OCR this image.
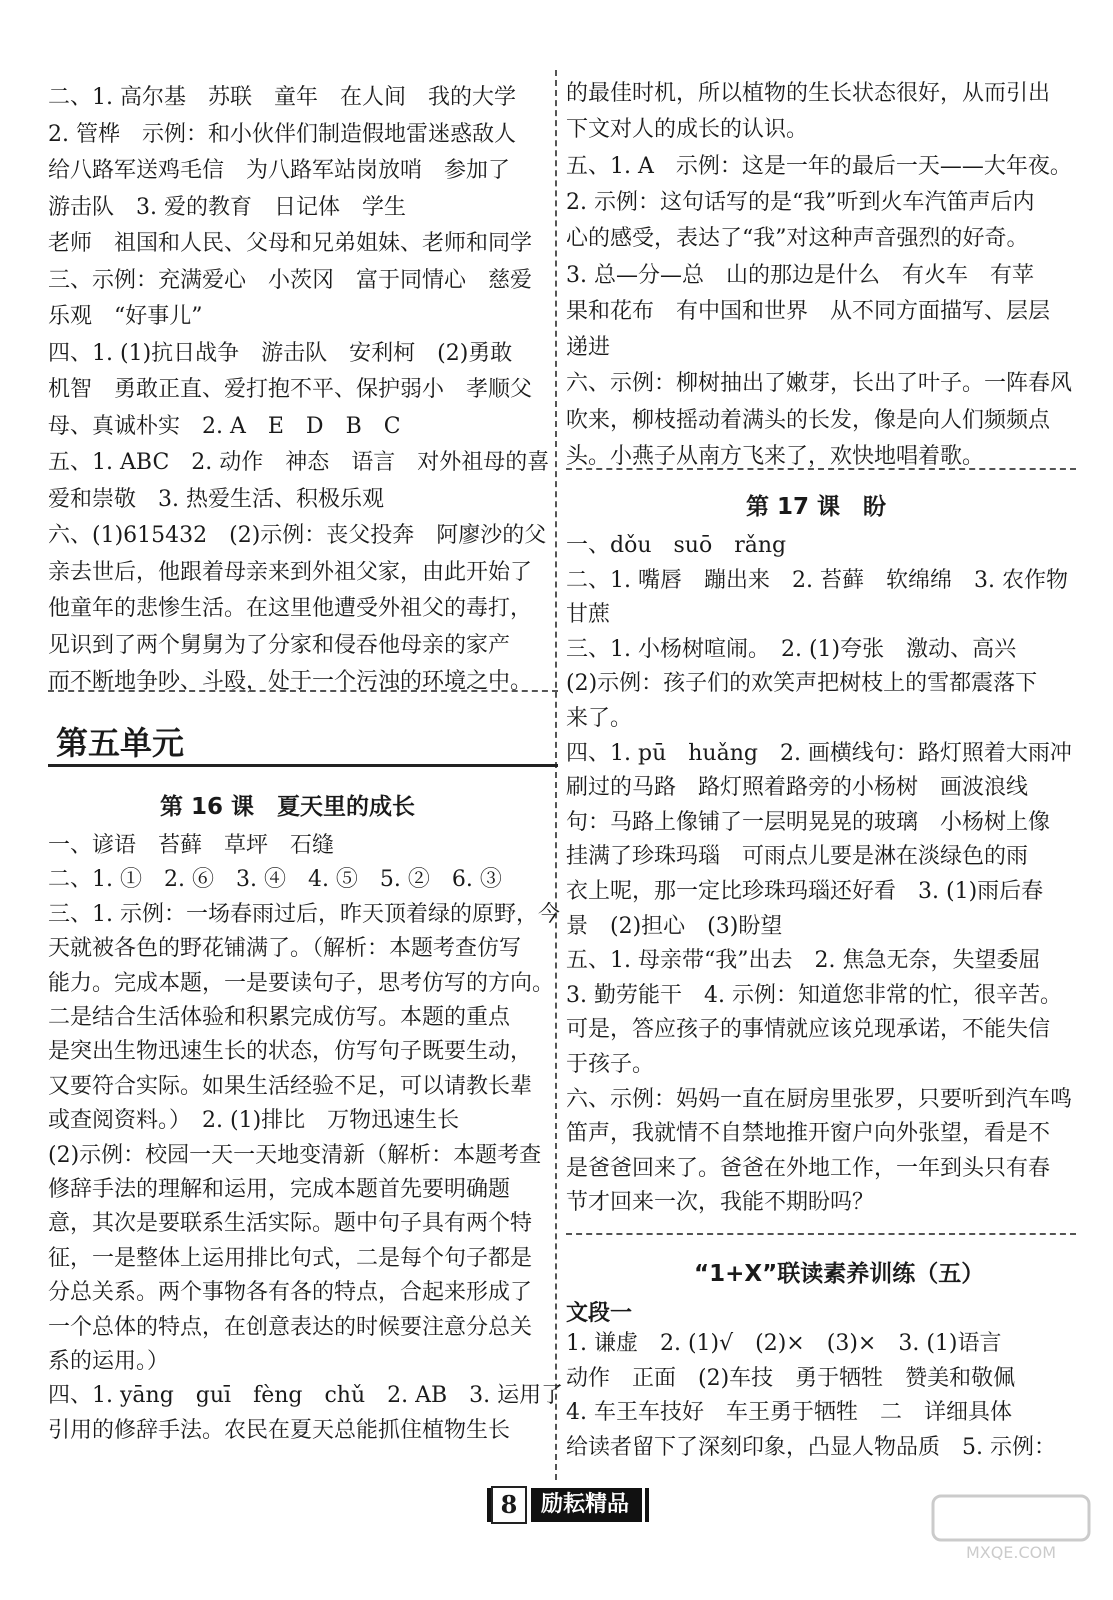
二、1. 高尔基　苏联　童年　在人间　我的大学
2. 管桦　示例：和小伙伴们制造假地雷迷惑敌人
给八路军送鸡毛信　为八路军站岗放哨　参加了
游击队　3. 爱的教育　日记体　学生
老师　祖国和人民、父母和兄弟姐妹、老师和同学
三、示例：充满爱心　小茨冈　富于同情心　慈爱
乐观　“好事儿”
四、1. (1)抗日战争　游击队　安利柯　(2)勇敢
机智　勇敢正直、爱打抱不平、保护弱小　孝顺父
母、真诚朴实　2. A　E　D　B　C
五、1. ABC　2. 动作　神态　语言　对外祖母的喜
爱和崇敬　3. 热爱生活、积极乐观
六、(1)615432　(2)示例：丧父投奔　阿廖沙的父
亲去世后，他跟着母亲来到外祖父家，由此开始了
他童年的悲惨生活。在这里他遭受外祖父的毒打，
见识到了两个舅舅为了分家和侵吞他母亲的家产
而不断地争吵、斗殴，处于一个污浊的环境之中。
第五单元
第 16 课　夏天里的成长
一、谚语　苔藓　草坪　石缝
二、1. ①　2. ⑥　3. ④　4. ⑤　5. ②　6. ③
三、1. 示例：一场春雨过后，昨天顶着绿的原野，今
天就被各色的野花铺满了。（解析：本题考查仿写
能力。完成本题，一是要读句子，思考仿写的方向。
二是结合生活体验和积累完成仿写。本题的重点
是突出生物迅速生长的状态，仿写句子既要生动，
又要符合实际。如果生活经验不足，可以请教长辈
或查阅资料。）　2. (1)排比　万物迅速生长
(2)示例：校园一天一天地变清新（解析：本题考查
修辞手法的理解和运用，完成本题首先要明确题
意，其次是要联系生活实际。题中句子具有两个特
征，一是整体上运用排比句式，二是每个句子都是
分总关系。两个事物各有各的特点，合起来形成了
一个总体的特点，在创意表达的时候要注意分总关
系的运用。）
四、1. yāng　guī　fèng　chǔ　2. AB　3. 运用了
引用的修辞手法。农民在夏天总能抓住植物生长
的最佳时机，所以植物的生长状态很好，从而引出
下文对人的成长的认识。
五、1. A　示例：这是一年的最后一天——大年夜。
2. 示例：这句话写的是“我”听到火车汽笛声后内
心的感受，表达了“我”对这种声音强烈的好奇。
3. 总—分—总　山的那边是什么　有火车　有苹
果和花布　有中国和世界　从不同方面描写、层层
递进
六、示例：柳树抽出了嫩芽，长出了叶子。一阵春风
吹来，柳枝摇动着满头的长发，像是向人们频频点
头。小燕子从南方飞来了，欢快地唱着歌。
第 17 课　盼
一、dǒu　suō　rǎng
二、1. 嘴唇　蹦出来　2. 苔藓　软绵绵　3. 农作物
甘蔗
三、1. 小杨树喧闹。　2. (1)夸张　激动、高兴
(2)示例：孩子们的欢笑声把树枝上的雪都震落下
来了。
四、1. pū　huǎng　2. 画横线句：路灯照着大雨冲
刷过的马路　路灯照着路旁的小杨树　画波浪线
句：马路上像铺了一层明晃晃的玻璃　小杨树上像
挂满了珍珠玛瑙　可雨点儿要是淋在淡绿色的雨
衣上呢，那一定比珍珠玛瑙还好看　3. (1)雨后春
景　(2)担心　(3)盼望
五、1. 母亲带“我”出去　2. 焦急无奈，失望委屈
3. 勤劳能干　4. 示例：知道您非常的忙，很辛苦。
可是，答应孩子的事情就应该兑现承诺，不能失信
于孩子。
六、示例：妈妈一直在厨房里张罗，只要听到汽车鸣
笛声，我就情不自禁地推开窗户向外张望，看是不
是爸爸回来了。爸爸在外地工作，一年到头只有春
节才回来一次，我能不期盼吗？
“1+X”联读素养训练（五）
文段一
1. 谦虚　2. (1)√　(2)×　(3)×　3. (1)语言
动作　正面　(2)车技　勇于牺牲　赞美和敬佩
4. 车王车技好　车王勇于牺牲　二　详细具体
给读者留下了深刻印象，凸显人物品质　5. 示例：
8	励耘精品
MXQE.COM
